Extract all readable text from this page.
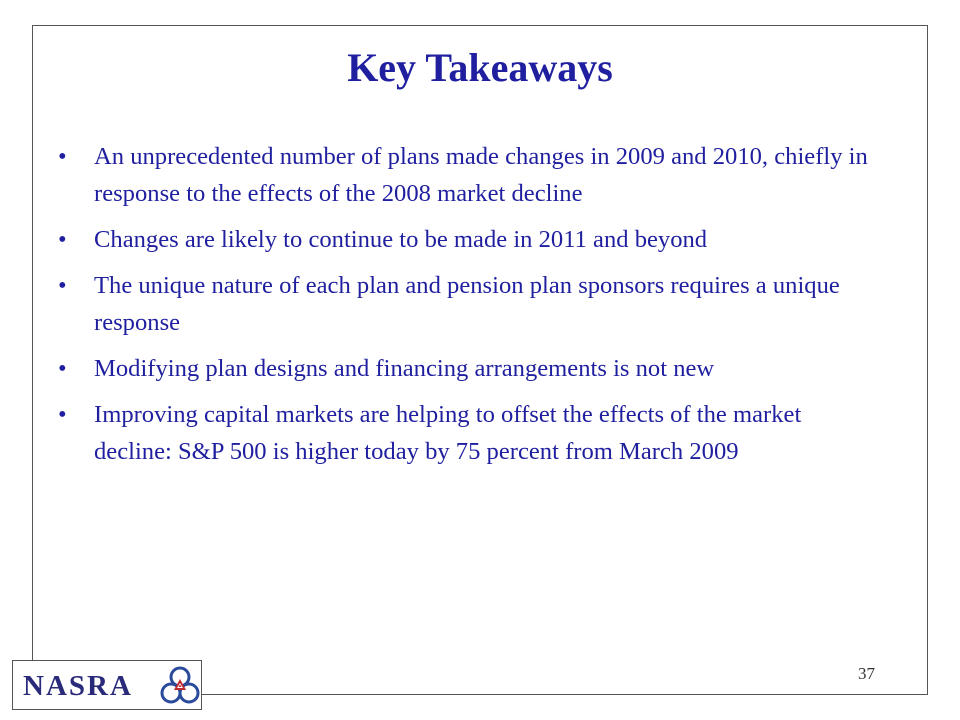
Key Takeaways
• An unprecedented number of plans made changes in 2009 and 2010, chiefly in response to the effects of the 2008 market decline
• Changes are likely to continue to be made in 2011 and beyond
• The unique nature of each plan and pension plan sponsors requires a unique response
• Modifying plan designs and financing arrangements is not new
• Improving capital markets are helping to offset the effects of the market decline: S&P 500 is higher today by 75 percent from March 2009
37
NASRA
